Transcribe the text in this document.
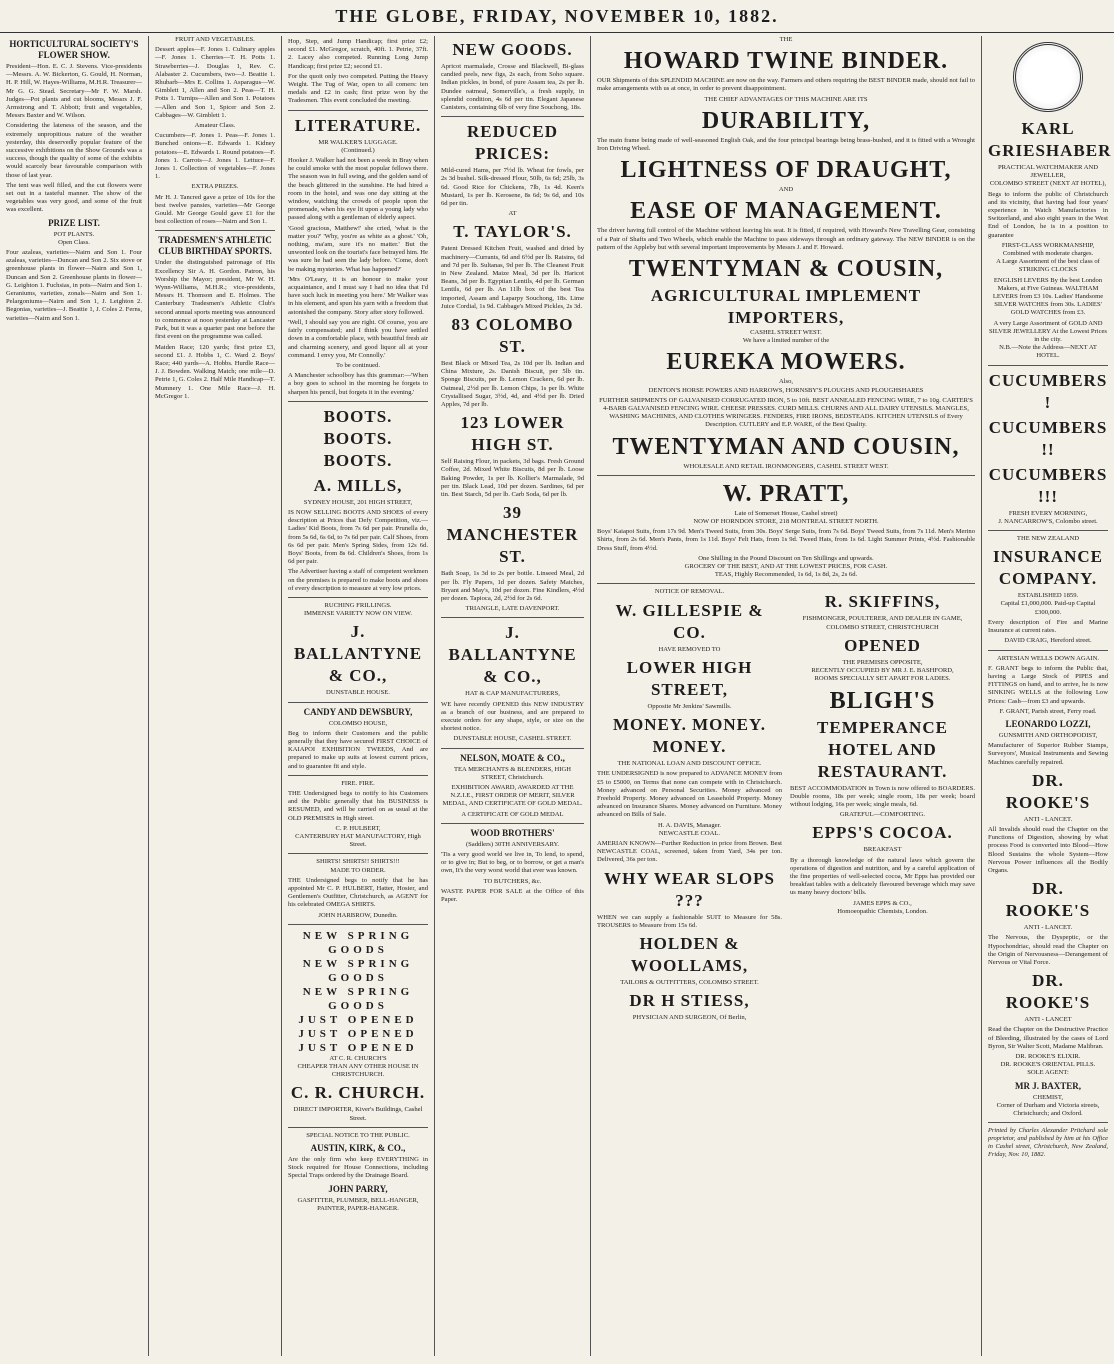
THE GLOBE, FRIDAY, NOVEMBER 10, 1882.
HORTICULTURAL SOCIETY'S FLOWER SHOW.

President—Hon. E. C. J. Stevens. Vice-presidents—Messrs. A. W. Bickerton, G. Gould, H. Norman, H. P. Hill, W. Hayes-Williams, M.H.R. Treasurer—Mr G. G. Stead. Secretary—Mr F. W. Marsh. Judges—Pot plants and cut blooms, Messrs J. F. Armstrong and T. Abbott; fruit and vegetables, Messrs Baxter and W. Wilson.

Considering the lateness of the season, and the extremely unpropitious nature of the weather yesterday, this deservedly popular feature of the successive exhibitions on the Show Grounds was a success, though the quality of some of the exhibits would scarcely bear favourable comparison with those of last year.

The tent was well filled, and the cut flowers were set out in a tasteful manner. The show of the vegetables was very good, and some of the fruit was excellent.

PRIZE LIST.
POT PLANTS.
Open Class.

Four azaleas, varieties—Nairn and Son 1. Four azaleas, varieties—Duncan and Son 2. Six stove or greenhouse plants in flower—Nairn and Son 1, Duncan and Son 2. Greenhouse plants in flower—G. Leighton 1. Fuchsias, in pots—Nairn and Son 1. Geraniums, varieties, zonals—Nairn and Son 1. Pelargoniums—Nairn and Son 1, J. Leighton 2. Begonias, varieties—J. Beattie 1, J. Coles 2. Ferns, varieties—Nairn and Son 1.

FRUIT AND VEGETABLES.

Dessert apples—F. Jones 1. Culinary apples—F. Jones 1. Cherries—T. H. Potts 1. Strawberries—J. Douglas 1, Rev. C. Alabaster 2. Cucumbers, two—J. Beattie 1. Rhubarb—Mrs E. Collins 1. Asparagus—W. Gimblett 1, Allen and Son 2. Peas—T. H. Potts 1. Turnips—Allen and Son 1. Potatoes—Allen and Son 1, Spicer and Son 2. Cabbages—W. Gimblett 1.

Amateur Class.

Cucumbers—F. Jones 1. Peas—F. Jones 1. Bunched onions—E. Edwards 1. Kidney potatoes—E. Edwards 1. Round potatoes—F. Jones 1. Carrots—J. Jones 1. Lettuce—F. Jones 1. Collection of vegetables—F. Jones 1.

EXTRA PRIZES.

Mr H. J. Tancred gave a prize of 10s for the best twelve pansies, varieties—Mr George Gould. Mr George Gould gave £1 for the best collection of roses—Nairn and Son 1.

TRADESMEN'S ATHLETIC CLUB BIRTHDAY SPORTS.

Under the distinguished patronage of His Excellency Sir A. H. Gordon. Patron, his Worship the Mayor; president, Mr W. H. Wynn-Williams, M.H.R.; vice-presidents, Messrs H. Thomson and E. Holmes. The Canterbury Tradesmen's Athletic Club's second annual sports meeting was announced to commence at noon yesterday at Lancaster Park, but it was a quarter past one before the first event on the programme was called.

Maiden Race; 120 yards; first prize £3, second £1. J. Hobbs 1, C. Ward 2. Boys' Race; 440 yards—A. Hobbs. Hurdle Race—J. J. Bowden. Walking Match; one mile—D. Petrie 1, G. Coles 2. Half Mile Handicap—T. Mumnery 1. One Mile Race—J. H. McGregor 1.

Hop, Step, and Jump Handicap; first prize £2; second £1. McGregor, scratch, 40ft. 1. Petrie, 37ft. 2. Lacey also competed. Running Long Jump Handicap; first prize £2; second £1.

For the quoit only two competed. Putting the Heavy Weight. The Tug of War, open to all comers: ten medals and £2 in cash; first prize won by the Tradesmen. This event concluded the meeting.

LITERATURE.
MR WALKER'S LUGGAGE.
(Continued.)

Hooker J. Walker had not been a week in Bray when he could smoke with the most popular fellows there. The season was in full swing, and the golden sand of the beach glittered in the sunshine. He had hired a room in the hotel, and was one day sitting at the window, watching the crowds of people upon the promenade, when his eye lit upon a young lady who passed along with a gentleman of elderly aspect.

'Good gracious, Matthew!' she cried, 'what is the matter you?' 'Why, you're as white as a ghost.' 'Oh, nothing, ma'am, sure it's no matter.' But the unwonted look on the tourist's face betrayed him. He was sure he had seen the lady before. 'Come, don't be making mysteries. What has happened?'

'Mrs O'Leary, it is an honour to make your acquaintance, and I must say I had no idea that I'd have such luck in meeting you here.' Mr Walker was in his element, and spun his yarn with a freedom that astonished the company. Story after story followed.

'Well, I should say you are right. Of course, you are fairly compensated; and I think you have settled down in a comfortable place, with beautiful fresh air and charming scenery, and good liquor all at your command. I envy you, Mr Connolly.'

To be continued.

A Manchester schoolboy has this grammar:—'When a boy goes to school in the morning he forgets to sharpen his pencil, but forgets it in the evening.'

BOOTS. BOOTS. BOOTS.
A. MILLS,
SYDNEY HOUSE, 201 HIGH STREET,

IS NOW SELLING BOOTS AND SHOES of every description at Prices that Defy Competition, viz.— Ladies' Kid Boots, from 7s 6d per pair. Prunella do, from 5s 6d, 6s 6d, to 7s 6d per pair. Calf Shoes, from 6s 6d per pair. Men's Spring Sides, from 12s 6d. Boys' Boots, from 8s 6d. Children's Shoes, from 1s 6d per pair.

The Advertiser having a staff of competent workmen on the premises is prepared to make boots and shoes of every description to measure at very low prices.

RUCHING FRILLINGS.
IMMENSE VARIETY NOW ON VIEW.
J. BALLANTYNE & CO.,
DUNSTABLE HOUSE.
CANDY AND DEWSBURY,
COLOMBO HOUSE,

Beg to inform their Customers and the public generally that they have secured FIRST CHOICE of KAIAPOI EXHIBITION TWEEDS, And are prepared to make up suits at lowest current prices, and to guarantee fit and style.

FIRE. FIRE.

THE Undersigned begs to notify to his Customers and the Public generally that his BUSINESS is RESUMED, and will be carried on as usual at the OLD PREMISES in High street.

C. P. HULBERT,
CANTERBURY HAT MANUFACTORY, High Street.
SHIRTS! SHIRTS!! SHIRTS!!!
MADE TO ORDER.

THE Undersigned begs to notify that he has appointed Mr C. P. HULBERT, Hatter, Hosier, and Gentlemen's Outfitter, Christchurch, as AGENT for his celebrated OMEGA SHIRTS.

JOHN HARBROW, Dunedin.
NEW SPRING GOODS
NEW SPRING GOODS
NEW SPRING GOODS
JUST OPENED
JUST OPENED
JUST OPENED
AT C. R. CHURCH'S
CHEAPER THAN ANY OTHER HOUSE IN CHRISTCHURCH.
C. R. CHURCH.
DIRECT IMPORTER, Kiver's Buildings, Cashel Street.
SPECIAL NOTICE TO THE PUBLIC.
AUSTIN, KIRK, & CO.,

Are the only firm who keep EVERYTHING in Stock required for House Connections, including Special Traps ordered by the Drainage Board.

JOHN PARRY,
GASFITTER, PLUMBER, BELL-HANGER, PAINTER, PAPER-HANGER.
NEW GOODS.

Apricot marmalade, Crosse and Blackwell, Bi-glass candied peels, new figs, 2s each, from Soho square. Indian pickles, in bond, of pure Assam tea, 2s per lb. Dundee oatmeal, Somerville's, a fresh supply, in splendid condition, 4s 6d per tin. Elegant Japanese Canisters, containing 6lb of very fine Souchong, 18s.

REDUCED PRICES:

Mild-cured Hams, per 7½d lb. Wheat for fowls, per 2s 3d bushel. Silk-dressed Flour, 50lb, 6s 6d; 25lb, 3s 6d. Good Rice for Chickens, 7lb, 1s 4d. Keen's Mustard, 1s per lb. Kerosene, 8s 6d; 9s 6d, and 10s 6d per tin.

AT
T. TAYLOR'S.

Patent Dressed Kitchen Fruit, washed and dried by machinery—Currants, 6d and 6½d per lb. Raisins, 6d and 7d per lb. Sultanas, 9d per lb. The Cleanest Fruit in New Zealand. Maize Meal, 3d per lb. Haricot Beans, 3d per lb. Egyptian Lentils, 4d per lb. German Lentils, 6d per lb. An 11lb box of the best Tea imported, Assam and Laparpy Souchong, 18s. Lime Juice Cordial, 1s 9d. Cabbage's Mixed Pickles, 2s 3d.

83 COLOMBO ST.

Best Black or Mixed Tea, 2s 10d per lb. Indian and China Mixture, 2s. Danish Biscuit, per 5lb tin. Sponge Biscuits, per lb. Lemon Crackers, 6d per lb. Oatmeal, 2½d per lb. Lemon Chips, 1s per lb. White Crystallised Sugar, 3½d, 4d, and 4½d per lb. Dried Apples, 7d per lb.

123 LOWER HIGH ST.

Self Raising Flour, in packets, 3d bags. Fresh Ground Coffee, 2d. Mixed White Biscuits, 8d per lb. Loose Baking Powder, 1s per lb. Kollier's Marmalade, 9d per tin. Black Lead, 10d per dozen. Sardines, 6d per tin. Best Starch, 5d per lb. Carb Soda, 6d per lb.

39 MANCHESTER ST.

Bath Soap, 1s 3d to 2s per bottle. Linseed Meal, 2d per lb. Fly Papers, 1d per dozen. Safety Matches, Bryant and May's, 10d per dozen. Fine Kindlers, 4½d per dozen. Tapioca, 2d, 2½d for 2s 6d.

TRIANGLE, LATE DAVENPORT.
J. BALLANTYNE & CO.,
HAT & CAP MANUFACTURERS,

WE have recently OPENED this NEW INDUSTRY as a branch of our business, and are prepared to execute orders for any shape, style, or size on the shortest notice.

DUNSTABLE HOUSE, CASHEL STREET.
NELSON, MOATE & CO.,
TEA MERCHANTS & BLENDERS, HIGH STREET, Christchurch.

EXHIBITION AWARD, AWARDED AT THE N.Z.I.E., FIRST ORDER OF MERIT, SILVER MEDAL, AND CERTIFICATE OF GOLD MEDAL.

A CERTIFICATE OF GOLD MEDAL
WOOD BROTHERS'
(Saddlers) 30TH ANNIVERSARY.

'Tis a very good world we live in, To lend, to spend, or to give in; But to beg, or to borrow, or get a man's own, It's the very worst world that ever was known.

TO BUTCHERS, &c.

WASTE PAPER FOR SALE at the Office of this Paper.

THE
HOWARD TWINE BINDER.

OUR Shipments of this SPLENDID MACHINE are now on the way. Farmers and others requiring the BEST BINDER made, should not fail to make arrangements with us at once, in order to prevent disappointment.

THE CHIEF ADVANTAGES OF THIS MACHINE ARE ITS
DURABILITY,

The main frame being made of well-seasoned English Oak, and the four principal bearings being brass-bushed, and it is fitted with a Wrought Iron Driving Wheel.

LIGHTNESS OF DRAUGHT,
AND
EASE OF MANAGEMENT.

The driver having full control of the Machine without leaving his seat. It is fitted, if required, with Howard's New Travelling Gear, consisting of a Pair of Shafts and Two Wheels, which enable the Machine to pass sideways through an ordinary gateway. The NEW BINDER is on the pattern of the Appleby but with several important improvements by Messrs J. and F. Howard.

TWENTYMAN & COUSIN,
AGRICULTURAL IMPLEMENT IMPORTERS,
CASHEL STREET WEST.
We have a limited number of the
EUREKA MOWERS.
Also,
DENTON'S HORSE POWERS AND HARROWS, HORNSBY'S PLOUGHS AND PLOUGHSHARES

FURTHER SHIPMENTS OF GALVANISED CORRUGATED IRON, 5 to 10ft. BEST ANNEALED FENCING WIRE, 7 to 10g. CARTER'S 4-BARB GALVANISED FENCING WIRE. CHEESE PRESSES. CURD MILLS. CHURNS AND ALL DAIRY UTENSILS. MANGLES, WASHING MACHINES, AND CLOTHES WRINGERS. FENDERS, FIRE IRONS, BEDSTEADS. KITCHEN UTENSILS of Every Description. CUTLERY and E.P. WARE, of the Best Quality.

TWENTYMAN AND COUSIN,
WHOLESALE AND RETAIL IRONMONGERS, CASHEL STREET WEST.
W. PRATT,
Late of Somerset House, Cashel street)
NOW OF HORNDON STORE, 218 MONTREAL STREET NORTH.

Boys' Kaiapoi Suits, from 17s 9d. Men's Tweed Suits, from 30s. Boys' Serge Suits, from 7s 6d. Boys' Tweed Suits, from 7s 11d. Men's Merino Shirts, from 2s 6d. Men's Pants, from 1s 11d. Boys' Felt Hats, from 1s 9d. Tweed Hats, from 1s 6d. Light Summer Prints, 4½d. Fashionable Dress Stuff, from 4½d.

One Shilling in the Pound Discount on Ten Shillings and upwards.
GROCERY OF THE BEST, AND AT THE LOWEST PRICES, FOR CASH.
TEAS, Highly Recommended, 1s 6d, 1s 8d, 2s, 2s 6d.
NOTICE OF REMOVAL.
W. GILLESPIE & CO.
HAVE REMOVED TO
LOWER HIGH STREET,
Opposite Mr Jenkins' Sawmills.
MONEY. MONEY. MONEY.
THE NATIONAL LOAN AND DISCOUNT OFFICE.

THE UNDERSIGNED is now prepared to ADVANCE MONEY from £5 to £5000, on Terms that none can compete with in Christchurch. Money advanced on Personal Securities. Money advanced on Freehold Property. Money advanced on Leasehold Property. Money advanced on Insurance Shares. Money advanced on Furniture. Money advanced on Bills of Sale.

H. A. DAVIS, Manager.
NEWCASTLE COAL.

AMERIAN KNOWN—Further Reduction in price from Brown. Best NEWCASTLE COAL, screened, taken from Yard, 34s per ton. Delivered, 36s per ton.

WHY WEAR SLOPS ???

WHEN we can supply a fashionable SUIT to Measure for 58s. TROUSERS to Measure from 15s 6d.

HOLDEN & WOOLLAMS,
TAILORS & OUTFITTERS, COLOMBO STREET.
DR H STIESS,
PHYSICIAN AND SURGEON, Of Berlin,
R. SKIFFINS,
FISHMONGER, POULTERER, AND DEALER IN GAME,
COLOMBO STREET, CHRISTCHURCH
OPENED
THE PREMISES OPPOSITE,
RECENTLY OCCUPIED BY MR J. E. BASHFORD,
ROOMS SPECIALLY SET APART FOR LADIES.
BLIGH'S
TEMPERANCE HOTEL AND RESTAURANT.

BEST ACCOMMODATION in Town is now offered to BOARDERS. Double rooms, 18s per week; single room, 18s per week; board without lodging, 16s per week; single meals, 6d.

GRATEFUL—COMFORTING.
EPPS'S COCOA.
BREAKFAST

By a thorough knowledge of the natural laws which govern the operations of digestion and nutrition, and by a careful application of the fine properties of well-selected cocoa, Mr Epps has provided our breakfast tables with a delicately flavoured beverage which may save us many heavy doctors' bills.

JAMES EPPS & CO.,
Homoeopathic Chemists, London.
KARL GRIESHABER
PRACTICAL WATCHMAKER AND JEWELLER,
COLOMBO STREET (NEXT AT HOTEL),

Begs to inform the public of Christchurch and its vicinity, that having had four years' experience in Watch Manufactories in Switzerland, and also eight years in the West End of London, he is in a position to guarantee

FIRST-CLASS WORKMANSHIP, Combined with moderate charges.
A Large Assortment of the best class of STRIKING CLOCKS

ENGLISH LEVERS By the best London Makers, at Five Guineas. WALTHAM LEVERS from £3 10s. Ladies' Handsome SILVER WATCHES from 30s. LADIES' GOLD WATCHES from £3.

A very Large Assortment of GOLD AND SILVER JEWELLERY At the Lowest Prices in the city.
N.B.—Note the Address—NEXT AT HOTEL.
CUCUMBERS !
CUCUMBERS !!
CUCUMBERS !!!
FRESH EVERY MORNING,
J. NANCARROW'S, Colombo street.
THE NEW ZEALAND
INSURANCE COMPANY.
ESTABLISHED 1859.
Capital £1,000,000. Paid-up Capital £300,000.

Every description of Fire and Marine Insurance at current rates.

DAVID CRAIG, Hereford street.
ARTESIAN WELLS DOWN AGAIN.

F. GRANT begs to inform the Public that, having a Large Stock of PIPES and FITTINGS on hand, and to arrive, he is now SINKING WELLS at the following Low Prices: Cash—from £3 and upwards.

F. GRANT, Parish street, Ferry road.
LEONARDO LOZZI,
GUNSMITH AND ORTHOPODIST,

Manufacturer of Superior Rubber Stamps, Surveyors', Musical Instruments and Sewing Machines carefully repaired.

DR. ROOKE'S
ANTI - LANCET.

All Invalids should read the Chapter on the Functions of Digestion, showing by what process Food is converted into Blood—How Blood Sustains the whole System—How Nervous Power influences all the Bodily Organs.

DR. ROOKE'S
ANTI - LANCET.

The Nervous, the Dyspeptic, or the Hypochondriac, should read the Chapter on the Origin of Nervousness—Derangement of Nervous or Vital Force.

DR. ROOKE'S
ANTI - LANCET

Read the Chapter on the Destructive Practice of Bleeding, illustrated by the cases of Lord Byron, Sir Walter Scott, Madame Malibran.

DR. ROOKE'S ELIXIR.
DR. ROOKE'S ORIENTAL PILLS.
SOLE AGENT:
MR J. BAXTER,
CHEMIST,
Corner of Durham and Victoria streets, Christchurch; and Oxford.

Printed by Charles Alexander Pritchard sole proprietor, and published by him at his Office in Cashel street, Christchurch, New Zealand, Friday, Nov. 10, 1882.
